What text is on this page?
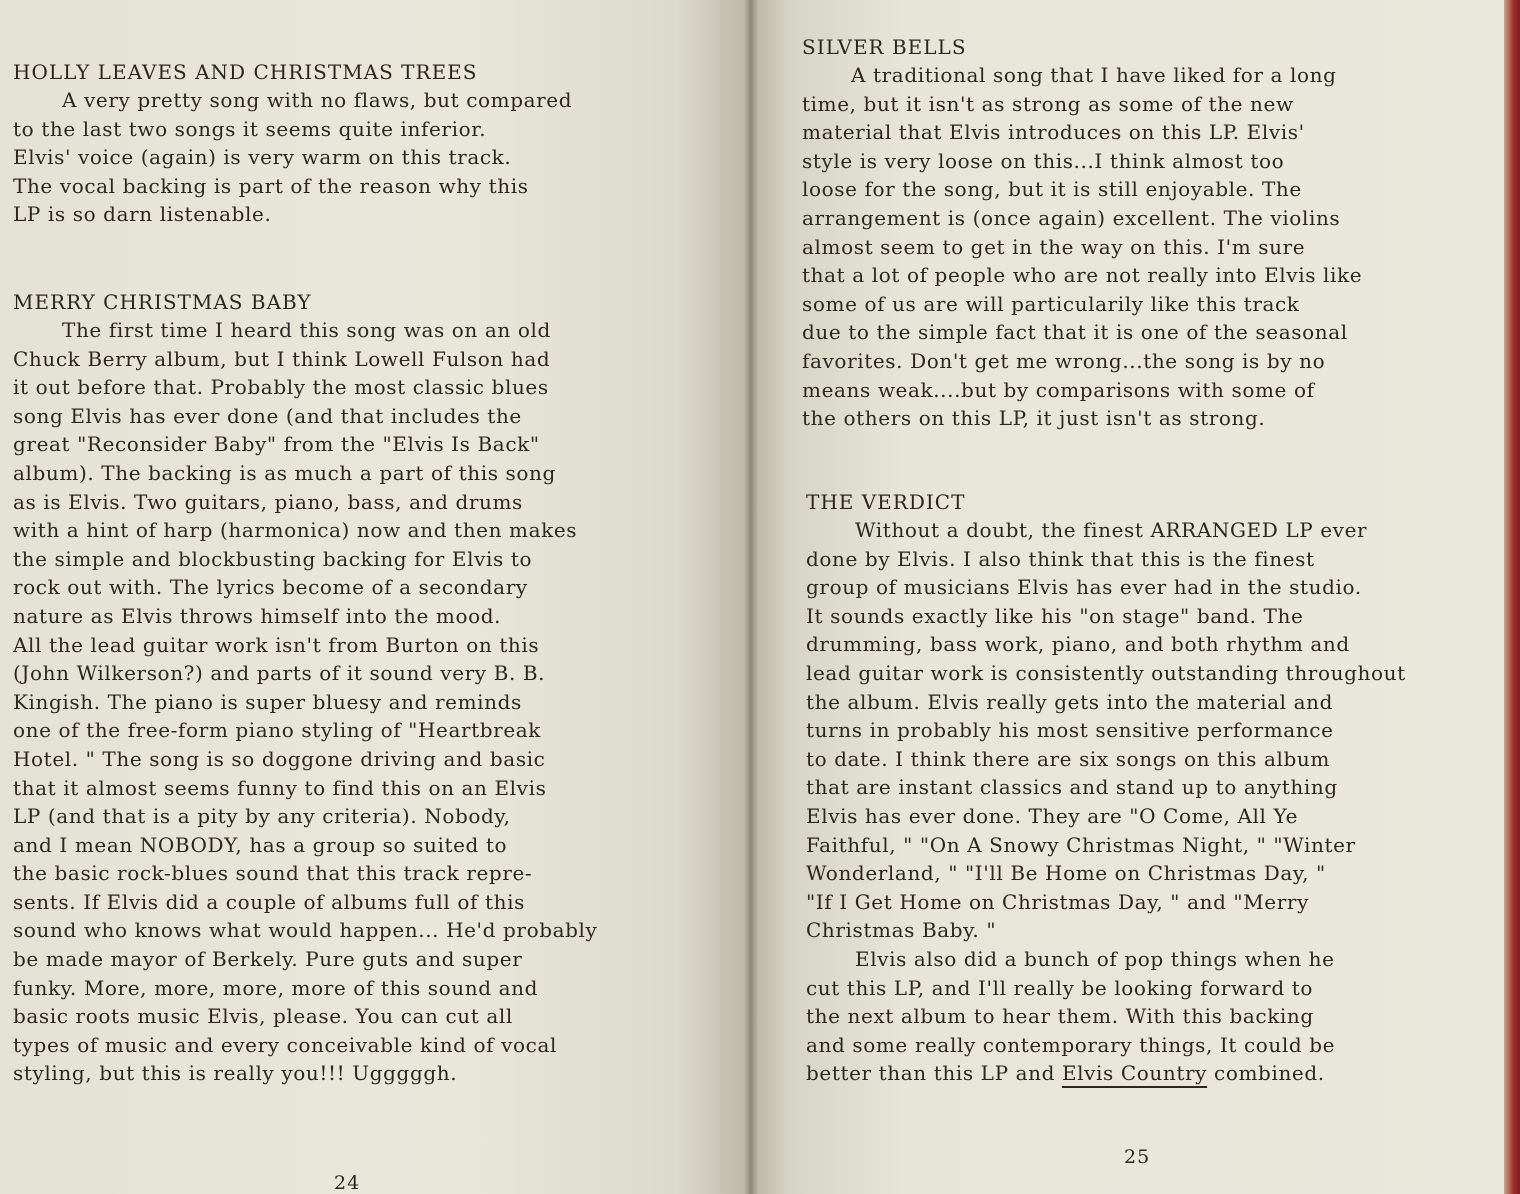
HOLLY LEAVES AND CHRISTMAS TREES

A very pretty song with no flaws, but compared
to the last two songs it seems quite inferior.
Elvis' voice (again) is very warm on this track.
The vocal backing is part of the reason why this
LP is so darn listenable.

MERRY CHRISTMAS BABY

The first time I heard this song was on an old
Chuck Berry album, but I think Lowell Fulson had
it out before that. Probably the most classic blues
song Elvis has ever done (and that includes the
great "Reconsider Baby" from the "Elvis Is Back"
album). The backing is as much a part of this song
as is Elvis. Two guitars, piano, bass, and drums
with a hint of harp (harmonica) now and then makes
the simple and blockbusting backing for Elvis to
rock out with. The lyrics become of a secondary
nature as Elvis throws himself into the mood.
All the lead guitar work isn't from Burton on this
(John Wilkerson?) and parts of it sound very B. B.
Kingish. The piano is super bluesy and reminds
one of the free-form piano styling of "Heartbreak
Hotel. " The song is so doggone driving and basic
that it almost seems funny to find this on an Elvis
LP (and that is a pity by any criteria). Nobody,
and I mean NOBODY, has a group so suited to
the basic rock-blues sound that this track repre-
sents. If Elvis did a couple of albums full of this
sound who knows what would happen... He'd probably
be made mayor of Berkely. Pure guts and super
funky. More, more, more, more of this sound and
basic roots music Elvis, please. You can cut all
types of music and every conceivable kind of vocal
styling, but this is really you!!! Ugggggh.

24
SILVER BELLS

A traditional song that I have liked for a long
time, but it isn't as strong as some of the new
material that Elvis introduces on this LP. Elvis'
style is very loose on this...I think almost too
loose for the song, but it is still enjoyable. The
arrangement is (once again) excellent. The violins
almost seem to get in the way on this. I'm sure
that a lot of people who are not really into Elvis like
some of us are will particularily like this track
due to the simple fact that it is one of the seasonal
favorites. Don't get me wrong...the song is by no
means weak....but by comparisons with some of
the others on this LP, it just isn't as strong.

THE VERDICT

Without a doubt, the finest ARRANGED LP ever
done by Elvis. I also think that this is the finest
group of musicians Elvis has ever had in the studio.
It sounds exactly like his "on stage" band. The
drumming, bass work, piano, and both rhythm and
lead guitar work is consistently outstanding throughout
the album. Elvis really gets into the material and
turns in probably his most sensitive performance
to date. I think there are six songs on this album
that are instant classics and stand up to anything
Elvis has ever done. They are "O Come, All Ye
Faithful, " "On A Snowy Christmas Night, " "Winter
Wonderland, " "I'll Be Home on Christmas Day, "
"If I Get Home on Christmas Day, " and "Merry
Christmas Baby. "

Elvis also did a bunch of pop things when he
cut this LP, and I'll really be looking forward to
the next album to hear them. With this backing
and some really contemporary things, It could be
better than this LP and Elvis Country combined.

25
